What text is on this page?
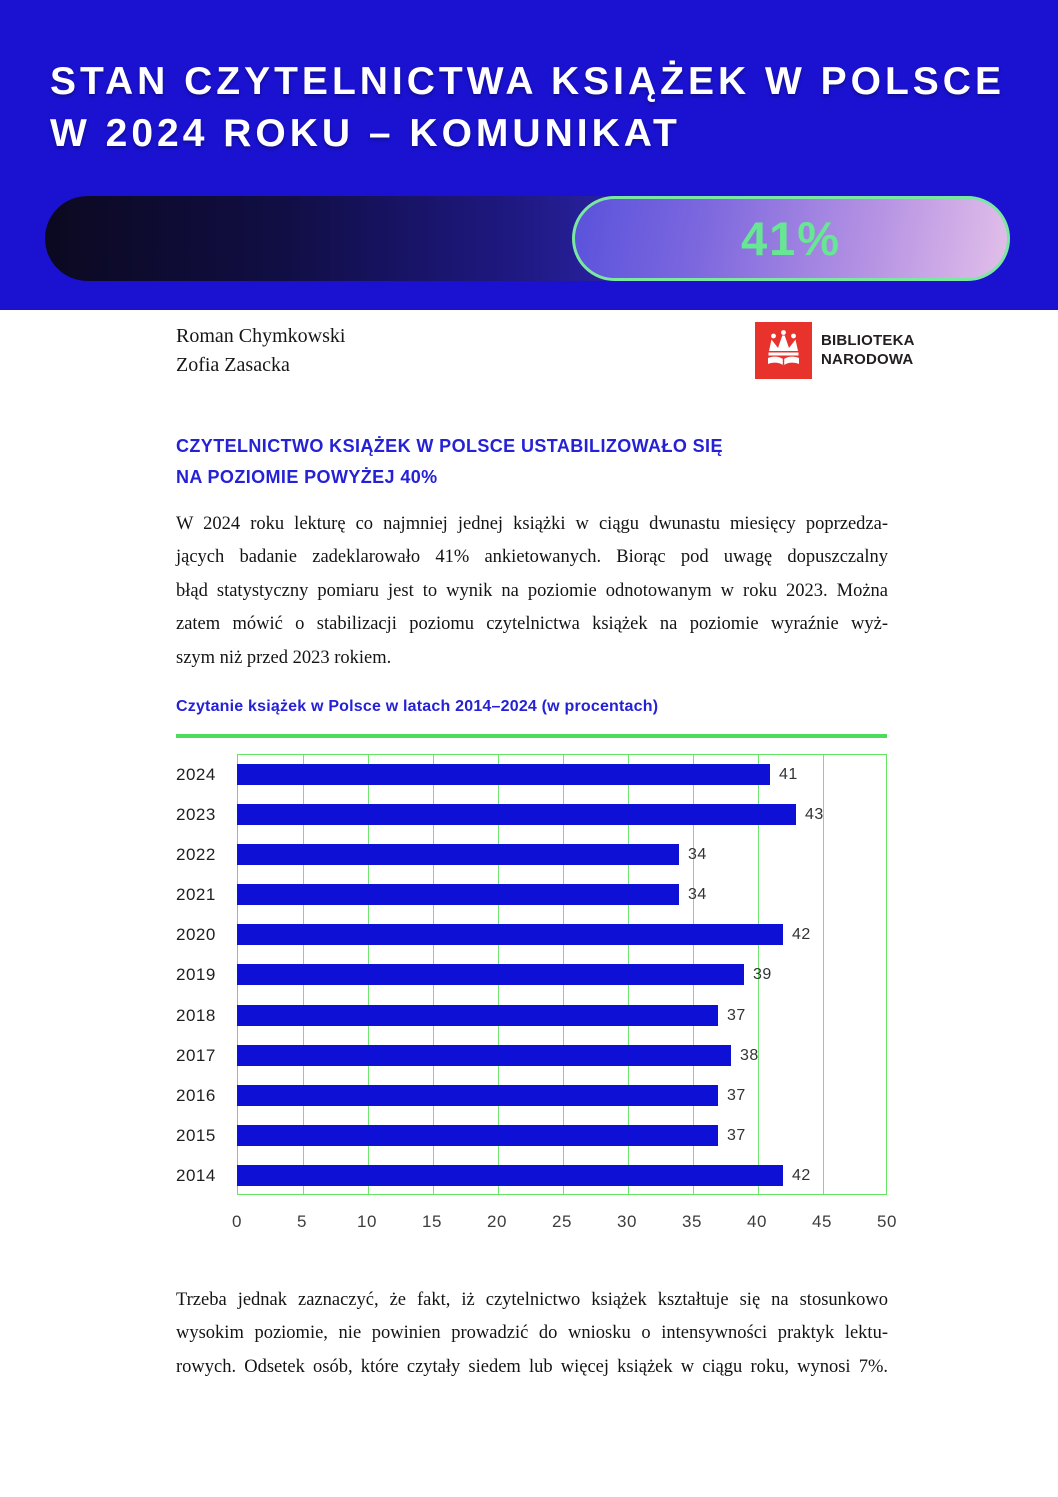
STAN CZYTELNICTWA KSIĄŻEK W POLSCE
W 2024 ROKU – KOMUNIKAT
41%
Roman Chymkowski
Zofia Zasacka
BIBLIOTEKA
NARODOWA
CZYTELNICTWO KSIĄŻEK W POLSCE USTABILIZOWAŁO SIĘ
NA POZIOMIE POWYŻEJ 40%
W 2024 roku lekturę co najmniej jednej książki w ciągu dwunastu miesięcy poprzedza-
jących badanie zadeklarowało 41% ankietowanych. Biorąc pod uwagę dopuszczalny
błąd statystyczny pomiaru jest to wynik na poziomie odnotowanym w roku 2023. Można
zatem mówić o stabilizacji poziomu czytelnictwa książek na poziomie wyraźnie wyż-
szym niż przed 2023 rokiem.
Czytanie książek w Polsce w latach 2014–2024 (w procentach)
0	5	10	15	20	25	30	35	40	45	50
2024	41
2023	43
2022	34
2021	34
2020	42
2019	39
2018	37
2017	38
2016	37
2015	37
2014	42
Trzeba jednak zaznaczyć, że fakt, iż czytelnictwo książek kształtuje się na stosunkowo
wysokim poziomie, nie powinien prowadzić do wniosku o intensywności praktyk lektu-
rowych. Odsetek osób, które czytały siedem lub więcej książek w ciągu roku, wynosi 7%.
